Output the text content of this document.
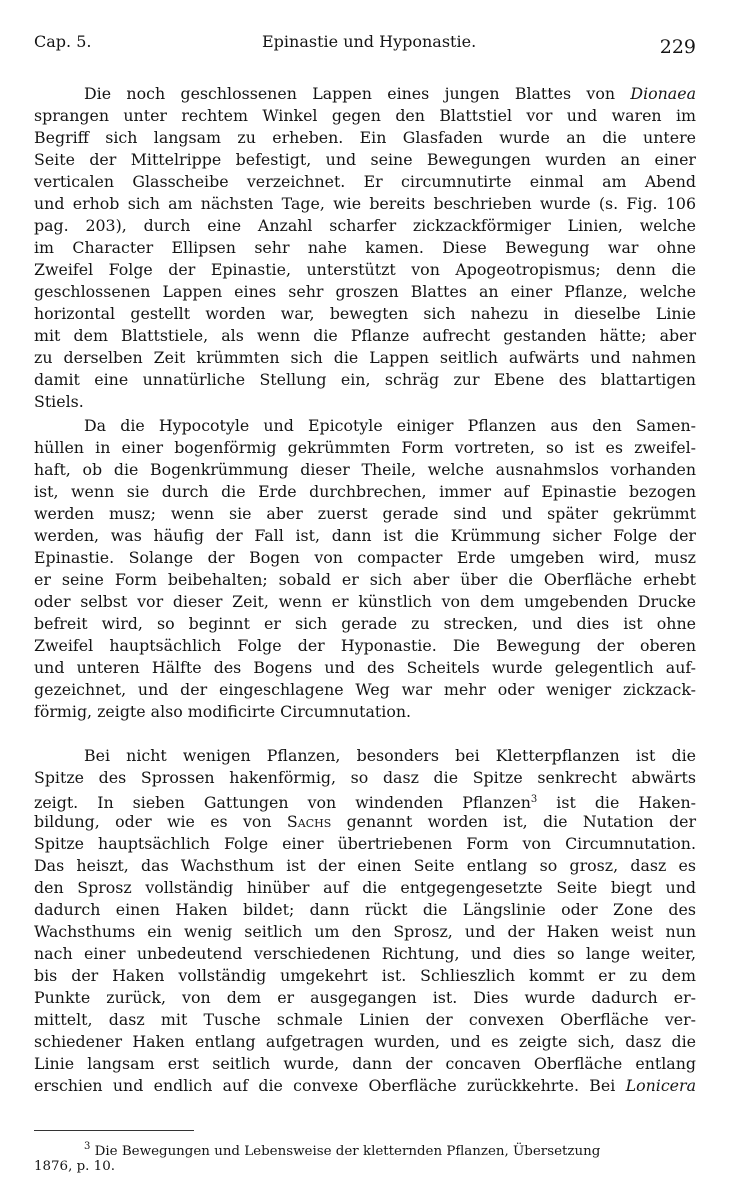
Cap. 5.	Epinastie und Hyponastie.	229
Die noch geschlossenen Lappen eines jungen Blattes von Dionaea
sprangen unter rechtem Winkel gegen den Blattstiel vor und waren im
Begriff sich langsam zu erheben. Ein Glasfaden wurde an die untere
Seite der Mittelrippe befestigt, und seine Bewegungen wurden an einer
verticalen Glasscheibe verzeichnet. Er circumnutirte einmal am Abend
und erhob sich am nächsten Tage, wie bereits beschrieben wurde (s. Fig. 106
pag. 203), durch eine Anzahl scharfer zickzackförmiger Linien, welche
im Character Ellipsen sehr nahe kamen. Diese Bewegung war ohne
Zweifel Folge der Epinastie, unterstützt von Apogeotropismus; denn die
geschlossenen Lappen eines sehr groszen Blattes an einer Pflanze, welche
horizontal gestellt worden war, bewegten sich nahezu in dieselbe Linie
mit dem Blattstiele, als wenn die Pflanze aufrecht gestanden hätte; aber
zu derselben Zeit krümmten sich die Lappen seitlich aufwärts und nahmen
damit eine unnatürliche Stellung ein, schräg zur Ebene des blattartigen
Stiels.
Da die Hypocotyle und Epicotyle einiger Pflanzen aus den Samen-
hüllen in einer bogenförmig gekrümmten Form vortreten, so ist es zweifel-
haft, ob die Bogenkrümmung dieser Theile, welche ausnahmslos vorhanden
ist, wenn sie durch die Erde durchbrechen, immer auf Epinastie bezogen
werden musz; wenn sie aber zuerst gerade sind und später gekrümmt
werden, was häufig der Fall ist, dann ist die Krümmung sicher Folge der
Epinastie. Solange der Bogen von compacter Erde umgeben wird, musz
er seine Form beibehalten; sobald er sich aber über die Oberfläche erhebt
oder selbst vor dieser Zeit, wenn er künstlich von dem umgebenden Drucke
befreit wird, so beginnt er sich gerade zu strecken, und dies ist ohne
Zweifel hauptsächlich Folge der Hyponastie. Die Bewegung der oberen
und unteren Hälfte des Bogens und des Scheitels wurde gelegentlich auf-
gezeichnet, und der eingeschlagene Weg war mehr oder weniger zickzack-
förmig, zeigte also modificirte Circumnutation.
Bei nicht wenigen Pflanzen, besonders bei Kletterpflanzen ist die
Spitze des Sprossen hakenförmig, so dasz die Spitze senkrecht abwärts
zeigt. In sieben Gattungen von windenden Pflanzen$^3$ ist die Haken-
bildung, oder wie es von Sachs genannt worden ist, die Nutation der
Spitze hauptsächlich Folge einer übertriebenen Form von Circumnutation.
Das heiszt, das Wachsthum ist der einen Seite entlang so grosz, dasz es
den Sprosz vollständig hinüber auf die entgegengesetzte Seite biegt und
dadurch einen Haken bildet; dann rückt die Längslinie oder Zone des
Wachsthums ein wenig seitlich um den Sprosz, und der Haken weist nun
nach einer unbedeutend verschiedenen Richtung, und dies so lange weiter,
bis der Haken vollständig umgekehrt ist. Schlieszlich kommt er zu dem
Punkte zurück, von dem er ausgegangen ist. Dies wurde dadurch er-
mittelt, dasz mit Tusche schmale Linien der convexen Oberfläche ver-
schiedener Haken entlang aufgetragen wurden, und es zeigte sich, dasz die
Linie langsam erst seitlich wurde, dann der concaven Oberfläche entlang
erschien und endlich auf die convexe Oberfläche zurückkehrte. Bei Lonicera
$^3$ Die Bewegungen und Lebensweise der kletternden Pflanzen, Übersetzung
1876, p. 10.
